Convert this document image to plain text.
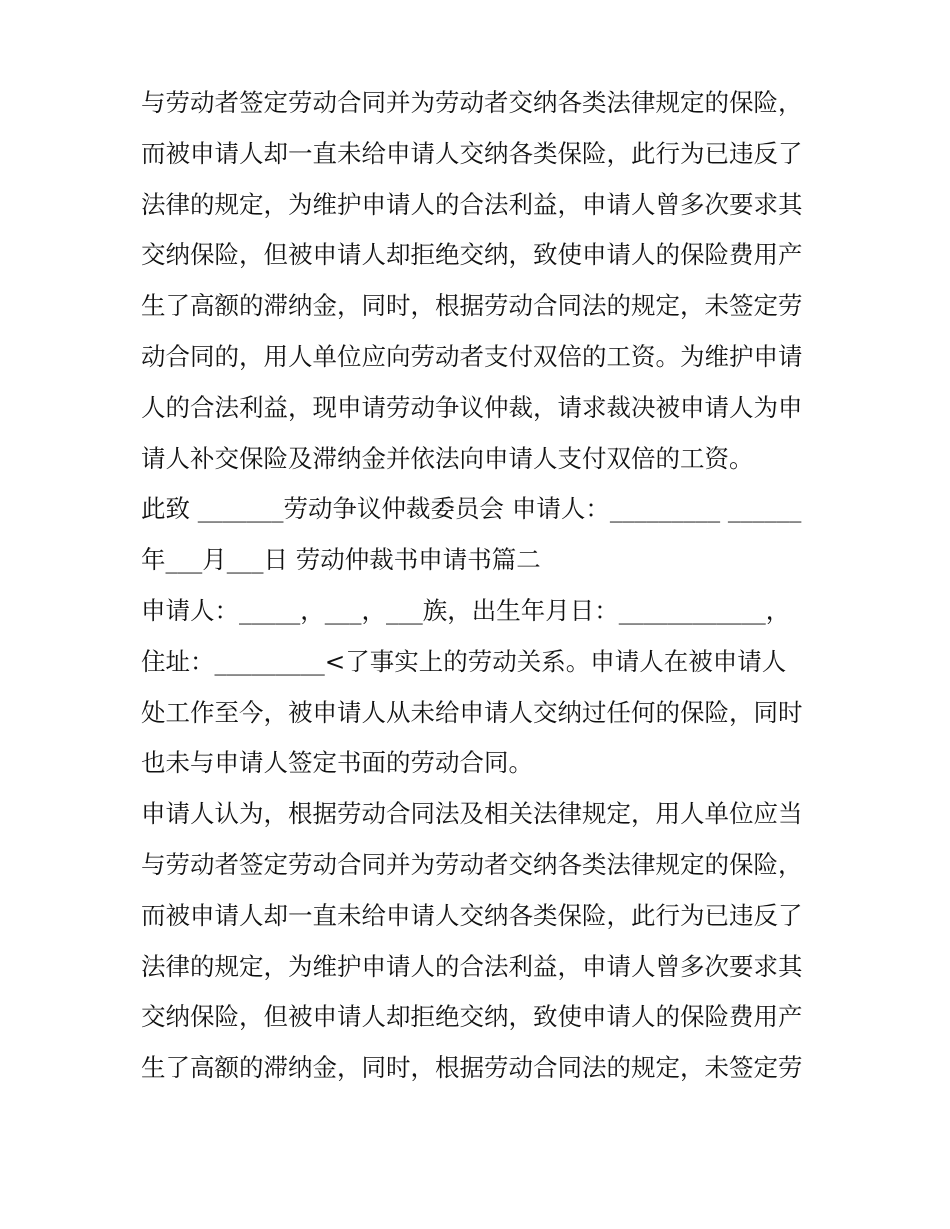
与劳动者签定劳动合同并为劳动者交纳各类法律规定的保险，
而被申请人却一直未给申请人交纳各类保险，此行为已违反了
法律的规定，为维护申请人的合法利益，申请人曾多次要求其
交纳保险，但被申请人却拒绝交纳，致使申请人的保险费用产
生了高额的滞纳金，同时，根据劳动合同法的规定，未签定劳
动合同的，用人单位应向劳动者支付双倍的工资。为维护申请
人的合法利益，现申请劳动争议仲裁，请求裁决被申请人为申
请人补交保险及滞纳金并依法向申请人支付双倍的工资。
此致 _______劳动争议仲裁委员会 申请人：_________ ______
年___月___日 劳动仲裁书申请书篇二
申请人：_____，___，___族，出生年月日：____________，
住址：_________<了事实上的劳动关系。申请人在被申请人
处工作至今，被申请人从未给申请人交纳过任何的保险，同时
也未与申请人签定书面的劳动合同。
申请人认为，根据劳动合同法及相关法律规定，用人单位应当
与劳动者签定劳动合同并为劳动者交纳各类法律规定的保险，
而被申请人却一直未给申请人交纳各类保险，此行为已违反了
法律的规定，为维护申请人的合法利益，申请人曾多次要求其
交纳保险，但被申请人却拒绝交纳，致使申请人的保险费用产
生了高额的滞纳金，同时，根据劳动合同法的规定，未签定劳
